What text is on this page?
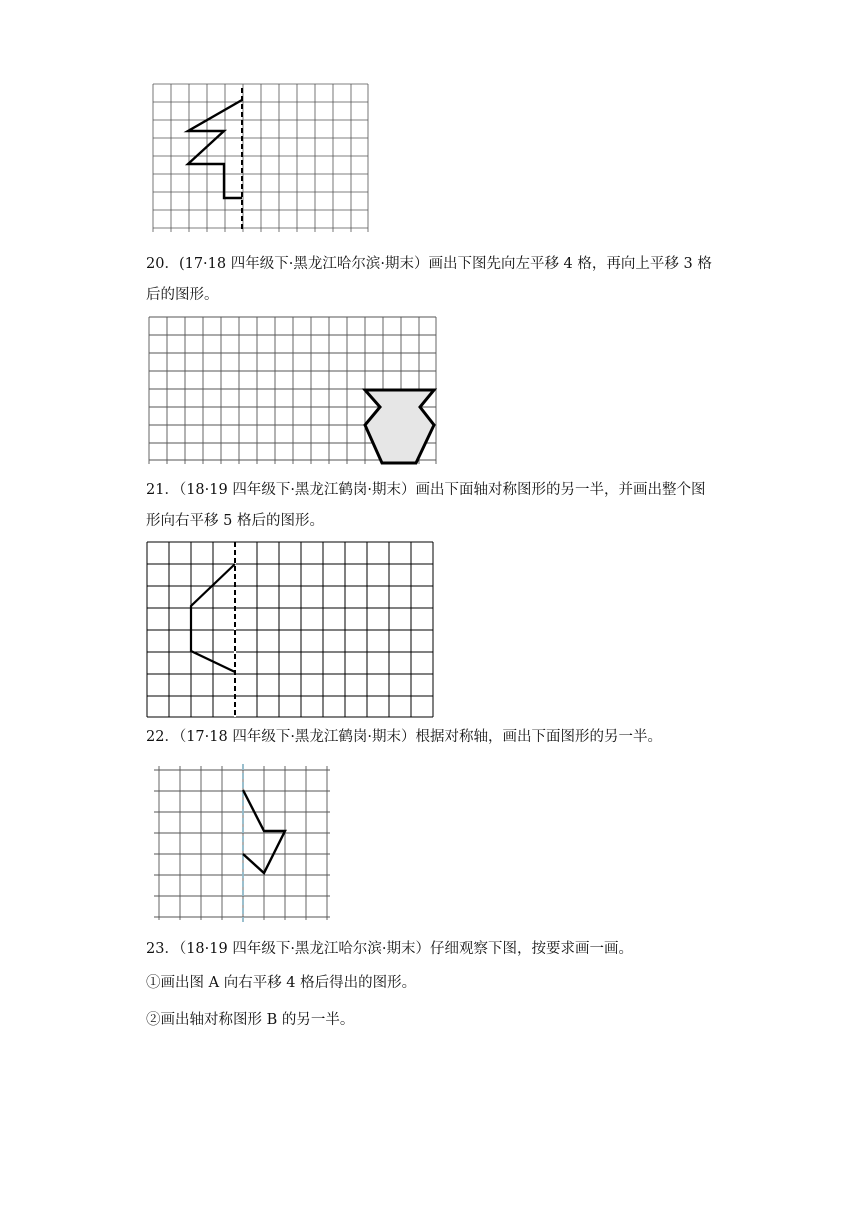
20．(17·18 四年级下·黑龙江哈尔滨·期末）画出下图先向左平移 4 格，再向上平移 3 格

后的图形。

21．（18·19 四年级下·黑龙江鹤岗·期末）画出下面轴对称图形的另一半，并画出整个图

形向右平移 5 格后的图形。

22．（17·18 四年级下·黑龙江鹤岗·期末）根据对称轴，画出下面图形的另一半。

23．（18·19 四年级下·黑龙江哈尔滨·期末）仔细观察下图，按要求画一画。

①画出图 A 向右平移 4 格后得出的图形。

②画出轴对称图形 B 的另一半。
